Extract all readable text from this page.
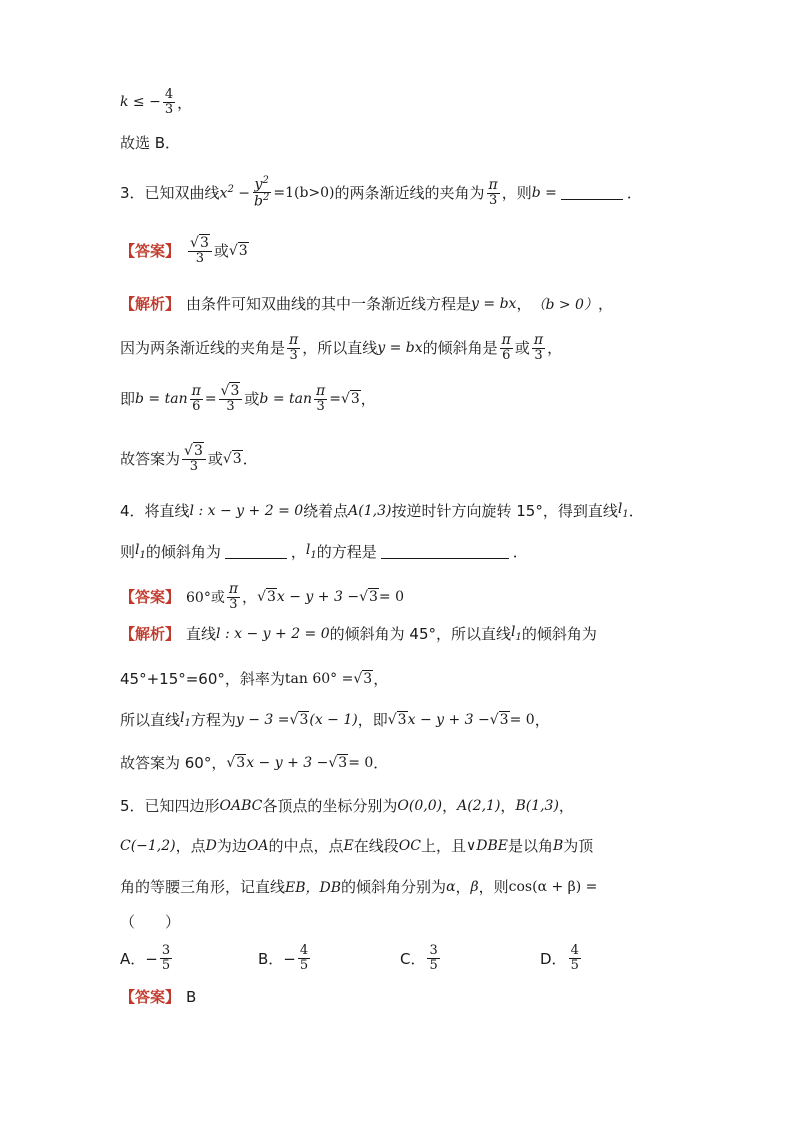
k ≤ − $\frac{4}{3}$ ，
故选 B．
3．已知双曲线 $x^2 - \frac{y^2}{b^2} =1(b>0)$ 的两条渐近线的夹角为 $\frac{\pi}{3}$ ，则 b =	．
【答案】 $\frac{√3}{3}$ 或 √3
【解析】 由条件可知双曲线的其中一条渐近线方程是 y = bx ， （b > 0） ，
因为两条渐近线的夹角是 $\frac{\pi}{3}$ ，所以直线 y = bx 的倾斜角是 $\frac{\pi}{6}$ 或 $\frac{\pi}{3}$ ，
即 $b = \tan \frac{\pi}{6} = \frac{√3}{3}$ 或 $b = \tan \frac{\pi}{3} = √3$ ，
故答案为 $\frac{√3}{3}$ 或 √3 ．
4．将直线 l : x − y + 2 = 0 绕着点 A(1,3) 按逆时针方向旋转 15°，得到直线 $l_1$ ．
则 $l_1$ 的倾斜角为	， $l_1$ 的方程是	．
【答案】 60°或 $\frac{\pi}{3}$ ， √3 x − y + 3 − √3 = 0
【解析】 直线 l : x − y + 2 = 0 的倾斜角为 45°，所以直线 $l_1$ 的倾斜角为
45°+15°=60°，斜率为 tan 60° = √3 ，
所以直线 $l_1$ 方程为 y − 3 = √3 (x − 1) ，即 √3 x − y + 3 − √3 = 0 ，
故答案为 60°， √3 x − y + 3 − √3 = 0 ．
5．已知四边形 OABC 各顶点的坐标分别为 O(0,0) ， A(2,1) ， B(1,3) ，
C(−1,2) ，点 D 为边 OA 的中点，点 E 在线段 OC 上，且 ∨DBE 是以角 B 为顶
角的等腰三角形，记直线 EB，DB 的倾斜角分别为 α ， β ，则 cos(α + β) =
（　　）
A．− $\frac{3}{5}$	B．− $\frac{4}{5}$	C． $\frac{3}{5}$	D． $\frac{4}{5}$
【答案】 B
